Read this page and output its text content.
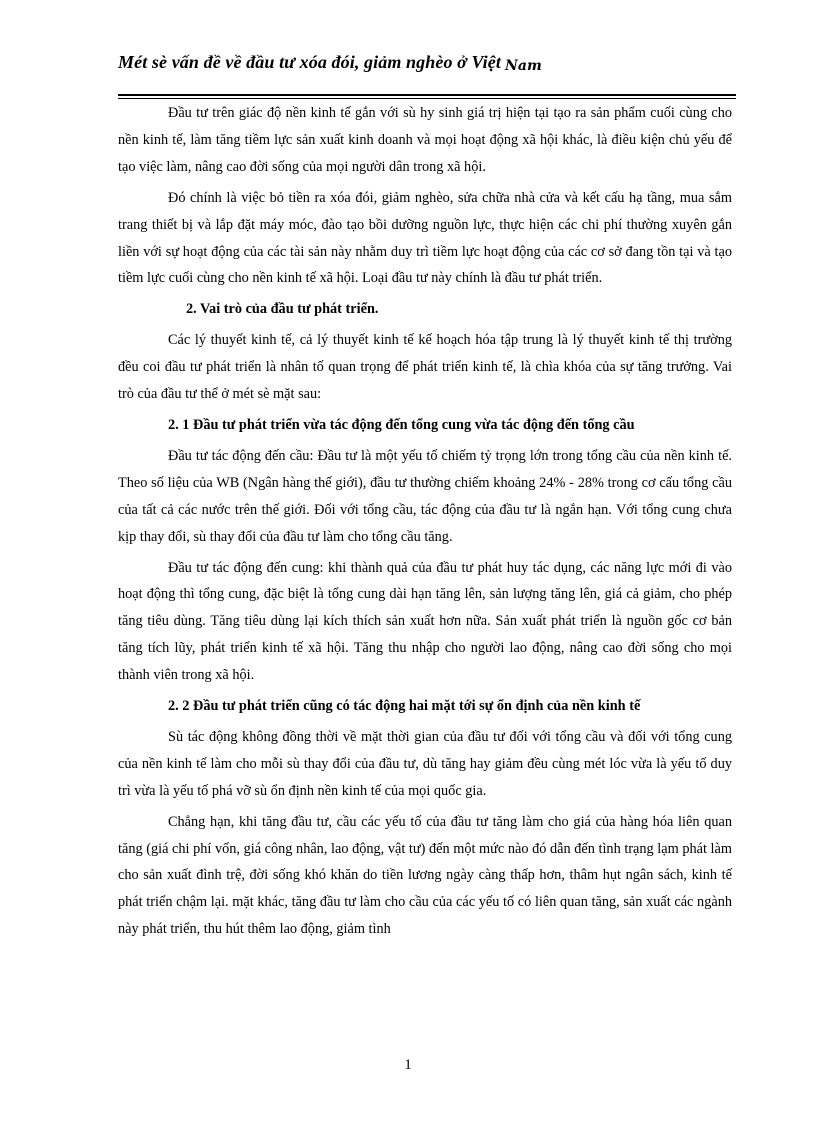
Mét sè vấn đề về đầu tư xóa đói, giảm nghèo ở Việt Nam

Đầu tư trên giác độ nền kinh tế gắn với sù hy sinh giá trị hiện tại tạo ra sản phẩm cuối cùng cho nền kinh tế, làm tăng tiềm lực sản xuất kinh doanh và mọi hoạt động xã hội khác, là điều kiện chủ yếu để tạo việc làm, nâng cao đời sống của mọi người dân trong xã hội.

Đó chính là việc bỏ tiền ra xóa đói, giảm nghèo, sửa chữa nhà cửa và kết cấu hạ tầng, mua sắm trang thiết bị và lắp đặt máy móc, đào tạo bồi dưỡng nguồn lực, thực hiện các chi phí thường xuyên gắn liền với sự hoạt động của các tài sản này nhằm duy trì tiềm lực hoạt động của các cơ sở đang tồn tại và tạo tiềm lực cuối cùng cho nền kinh tế xã hội. Loại đầu tư này chính là đầu tư phát triển.

2. Vai trò của đầu tư phát triển.

Các lý thuyết kinh tế, cả lý thuyết kinh tế kế hoạch hóa tập trung là lý thuyết kinh tế thị trường đều coi đầu tư phát triển là nhân tố quan trọng để phát triển kinh tế, là chìa khóa của sự tăng trưởng. Vai trò của đầu tư thể ở mét sè mặt sau:

2. 1 Đầu tư phát triển vừa tác động đến tổng cung vừa tác động đến tổng cầu

Đầu tư tác động đến cầu: Đầu tư là một yếu tố chiếm tỷ trọng lớn trong tổng cầu của nền kinh tế. Theo số liệu của WB (Ngân hàng thế giới), đầu tư thường chiếm khoảng 24% - 28% trong cơ cấu tổng cầu của tất cả các nước trên thế giới. Đối với tổng cầu, tác động của đầu tư là ngắn hạn. Với tổng cung chưa kịp thay đổi, sù thay đổi của đầu tư làm cho tổng cầu tăng.

Đầu tư tác động đến cung: khi thành quả của đầu tư phát huy tác dụng, các năng lực mới đi vào hoạt động thì tổng cung, đặc biệt là tổng cung dài hạn tăng lên, sản lượng tăng lên, giá cả giảm, cho phép tăng tiêu dùng. Tăng tiêu dùng lại kích thích sản xuất hơn nữa. Sản xuất phát triển là nguồn gốc cơ bản tăng tích lũy, phát triển kinh tế xã hội. Tăng thu nhập cho người lao động, nâng cao đời sống cho mọi thành viên trong xã hội.

2. 2 Đầu tư phát triển cũng có tác động hai mặt tới sự ổn định của nền kinh tế

Sù tác động không đồng thời về mặt thời gian của đầu tư đối với tổng cầu và đối với tổng cung của nền kinh tế làm cho mỗi sù thay đổi của đầu tư, dù tăng hay giảm đều cùng mét lóc vừa là yếu tố duy trì vừa là yếu tố phá vỡ sù ổn định nền kinh tế của mọi quốc gia.

Chẳng hạn, khi tăng đầu tư, cầu các yếu tố của đầu tư tăng làm cho giá của hàng hóa liên quan tăng (giá chi phí vốn, giá công nhân, lao động, vật tư) đến một mức nào đó dẫn đến tình trạng lạm phát làm cho sản xuất đình trệ, đời sống khó khăn do tiền lương ngày càng thấp hơn, thâm hụt ngân sách, kinh tế phát triển chậm lại. mặt khác, tăng đầu tư làm cho cầu của các yếu tố có liên quan tăng, sản xuất các ngành này phát triển, thu hút thêm lao động, giảm tình

1
